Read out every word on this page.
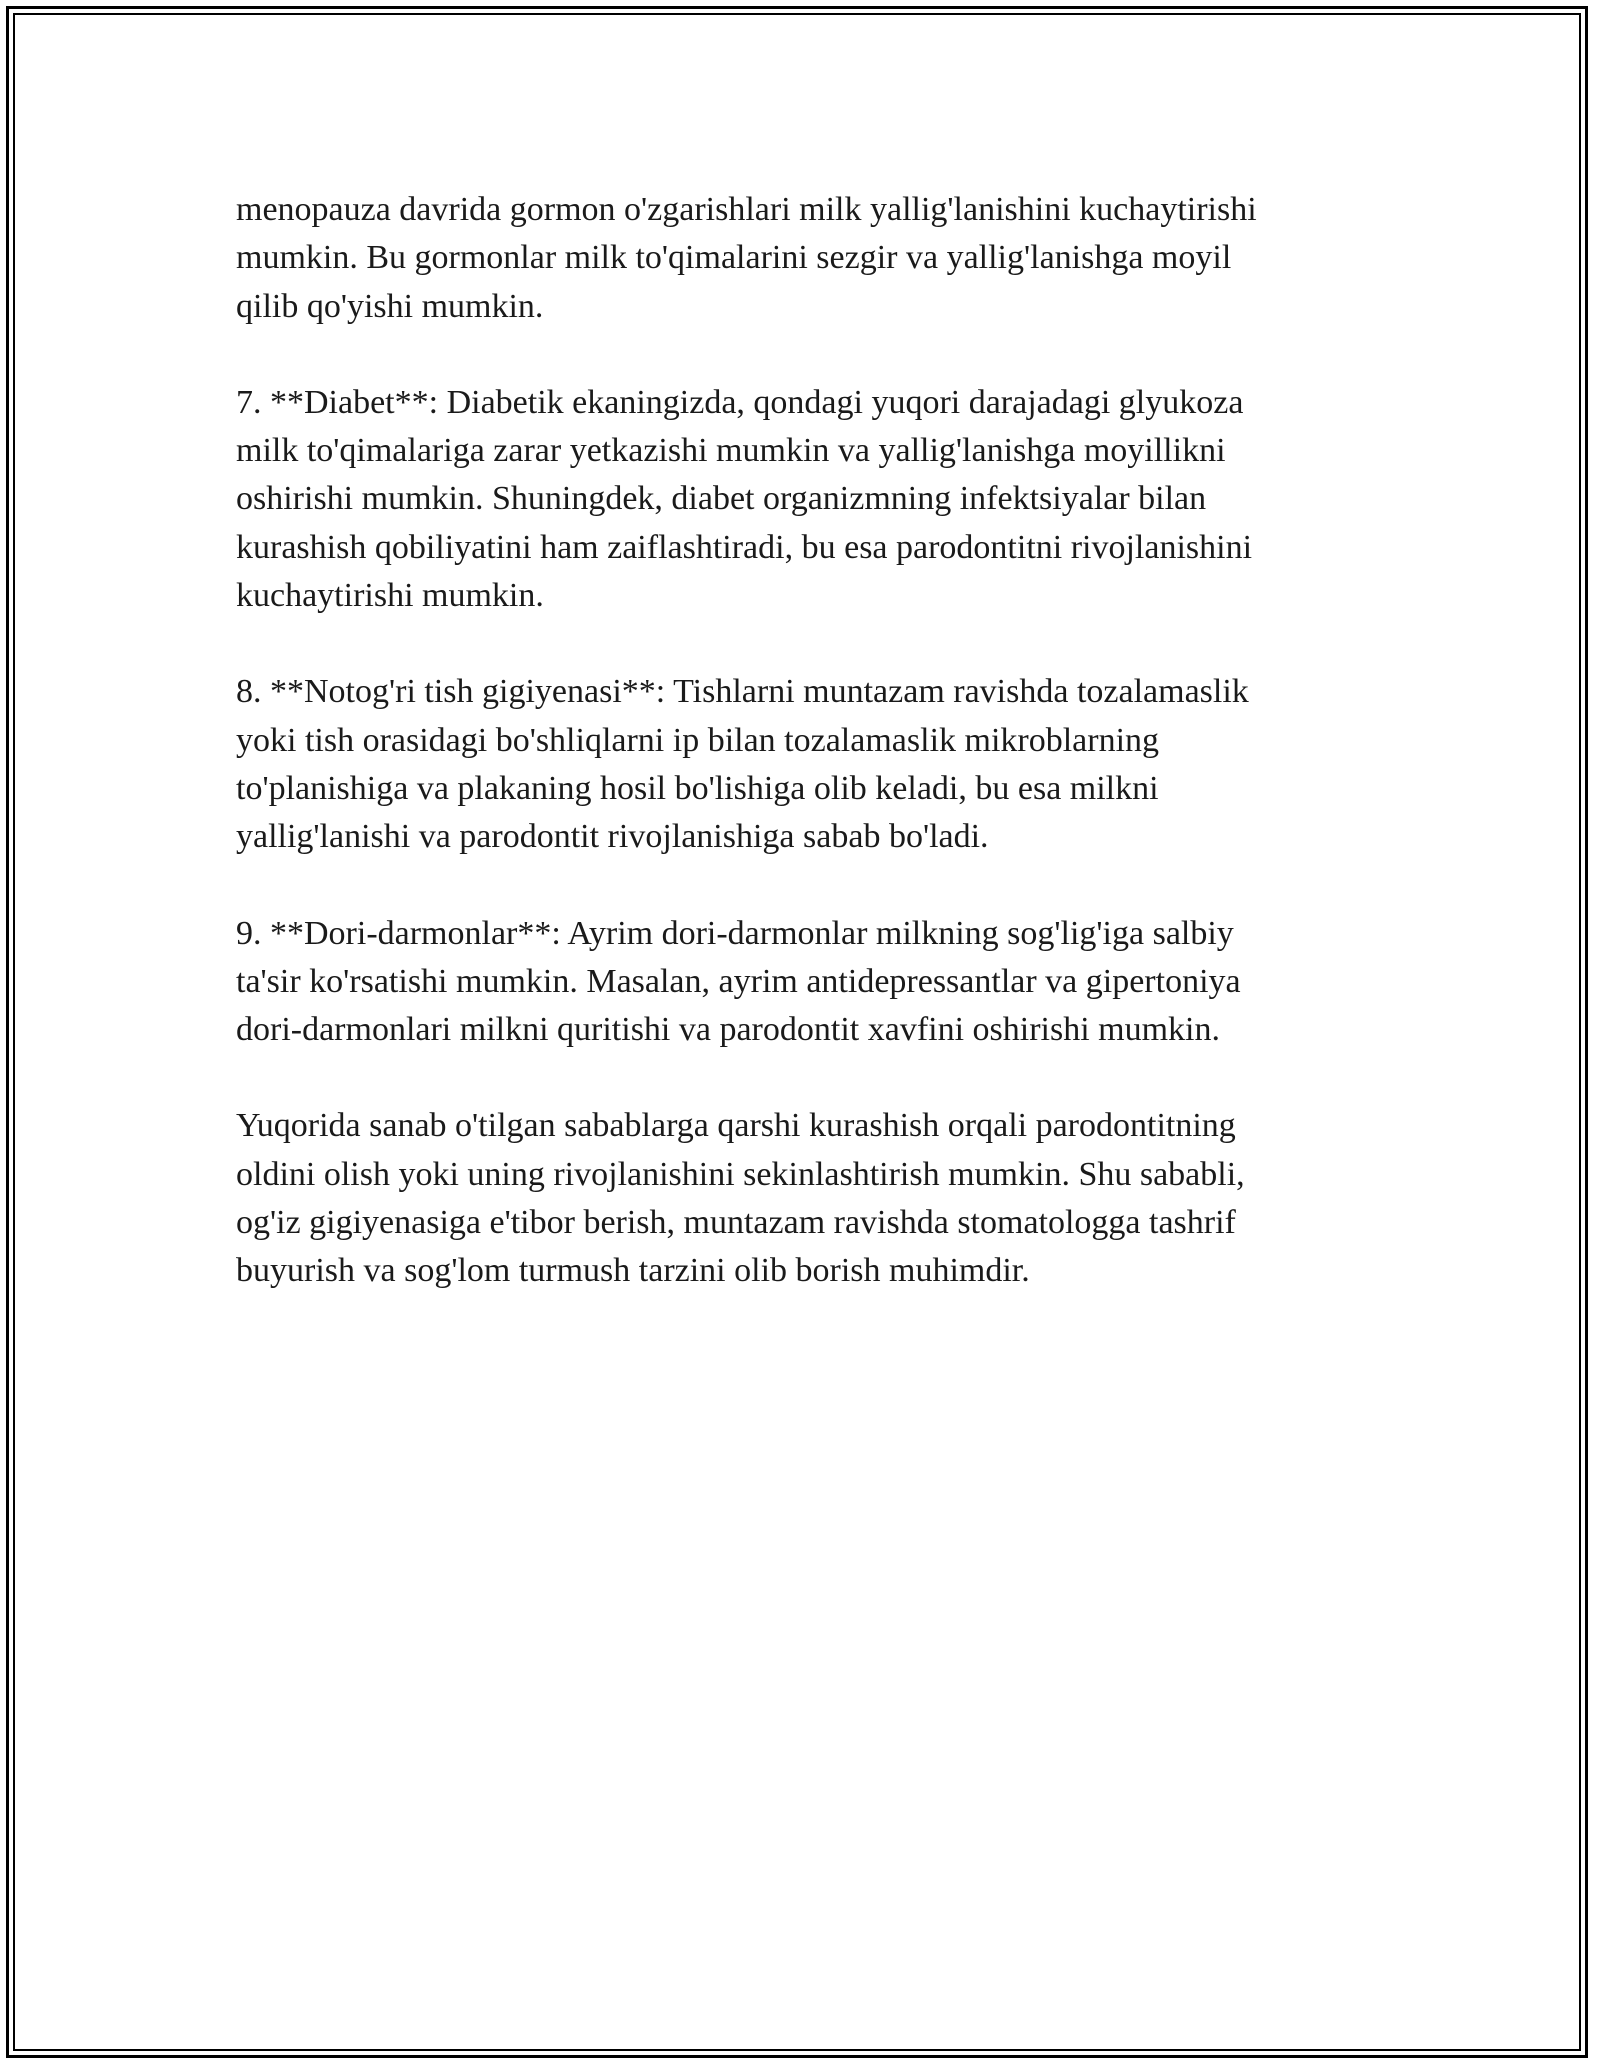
menopauza davrida gormon o'zgarishlari milk yallig'lanishini kuchaytirishi
mumkin. Bu gormonlar milk to'qimalarini sezgir va yallig'lanishga moyil
qilib qo'yishi mumkin.

7. **Diabet**: Diabetik ekaningizda, qondagi yuqori darajadagi glyukoza
milk to'qimalariga zarar yetkazishi mumkin va yallig'lanishga moyillikni
oshirishi mumkin. Shuningdek, diabet organizmning infektsiyalar bilan
kurashish qobiliyatini ham zaiflashtiradi, bu esa parodontitni rivojlanishini
kuchaytirishi mumkin.

8. **Notog'ri tish gigiyenasi**: Tishlarni muntazam ravishda tozalamaslik
yoki tish orasidagi bo'shliqlarni ip bilan tozalamaslik mikroblarning
to'planishiga va plakaning hosil bo'lishiga olib keladi, bu esa milkni
yallig'lanishi va parodontit rivojlanishiga sabab bo'ladi.

9. **Dori-darmonlar**: Ayrim dori-darmonlar milkning sog'lig'iga salbiy
ta'sir ko'rsatishi mumkin. Masalan, ayrim antidepressantlar va gipertoniya
dori-darmonlari milkni quritishi va parodontit xavfini oshirishi mumkin.

Yuqorida sanab o'tilgan sabablarga qarshi kurashish orqali parodontitning
oldini olish yoki uning rivojlanishini sekinlashtirish mumkin. Shu sababli,
og'iz gigiyenasiga e'tibor berish, muntazam ravishda stomatologga tashrif
buyurish va sog'lom turmush tarzini olib borish muhimdir.
